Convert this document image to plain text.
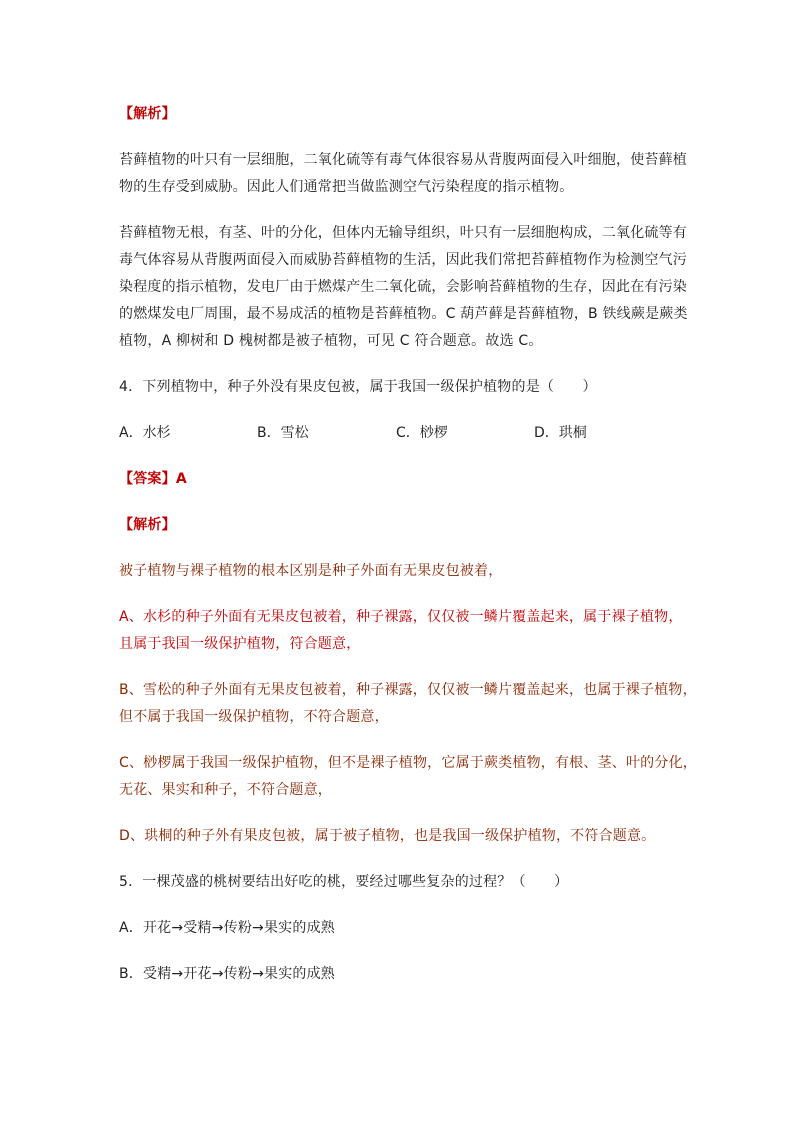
【解析】
苔藓植物的叶只有一层细胞，二氧化硫等有毒气体很容易从背腹两面侵入叶细胞，使苔藓植
物的生存受到威胁。因此人们通常把当做监测空气污染程度的指示植物。
苔藓植物无根，有茎、叶的分化，但体内无输导组织，叶只有一层细胞构成，二氧化硫等有
毒气体容易从背腹两面侵入而威胁苔藓植物的生活，因此我们常把苔藓植物作为检测空气污
染程度的指示植物，发电厂由于燃煤产生二氧化硫，会影响苔藓植物的生存，因此在有污染
的燃煤发电厂周围，最不易成活的植物是苔藓植物。C 葫芦藓是苔藓植物，B 铁线蕨是蕨类
植物，A 柳树和 D 槐树都是被子植物，可见 C 符合题意。故选 C。
4．下列植物中，种子外没有果皮包被，属于我国一级保护植物的是（　　）
A．水杉	B．雪松	C．桫椤	D．珙桐
【答案】A
【解析】
被子植物与裸子植物的根本区别是种子外面有无果皮包被着，
A、水杉的种子外面有无果皮包被着，种子裸露，仅仅被一鳞片覆盖起来，属于裸子植物，
且属于我国一级保护植物，符合题意，
B、雪松的种子外面有无果皮包被着，种子裸露，仅仅被一鳞片覆盖起来，也属于裸子植物，
但不属于我国一级保护植物，不符合题意，
C、桫椤属于我国一级保护植物，但不是裸子植物，它属于蕨类植物，有根、茎、叶的分化，
无花、果实和种子，不符合题意，
D、珙桐的种子外有果皮包被，属于被子植物，也是我国一级保护植物，不符合题意。
5．一棵茂盛的桃树要结出好吃的桃，要经过哪些复杂的过程？（　　）
A．开花→受精→传粉→果实的成熟
B．受精→开花→传粉→果实的成熟
